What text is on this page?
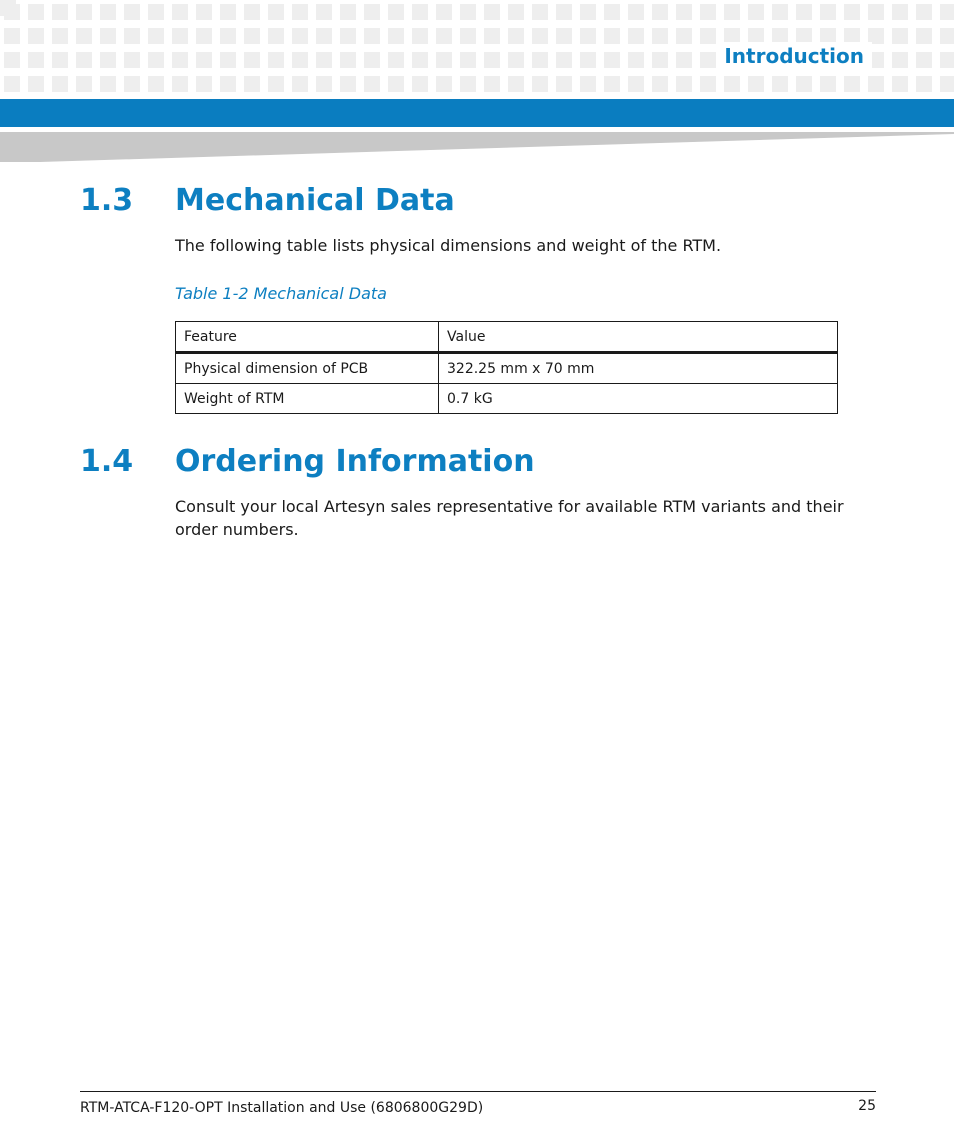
Introduction
1.3 Mechanical Data

The following table lists physical dimensions and weight of the RTM.

Table 1-2 Mechanical Data

Feature	Value
Physical dimension of PCB	322.25 mm x 70 mm
Weight of RTM	0.7 kG
1.4 Ordering Information

Consult your local Artesyn sales representative for available RTM variants and their order numbers.

RTM-ATCA-F120-OPT Installation and Use (6806800G29D)	25
